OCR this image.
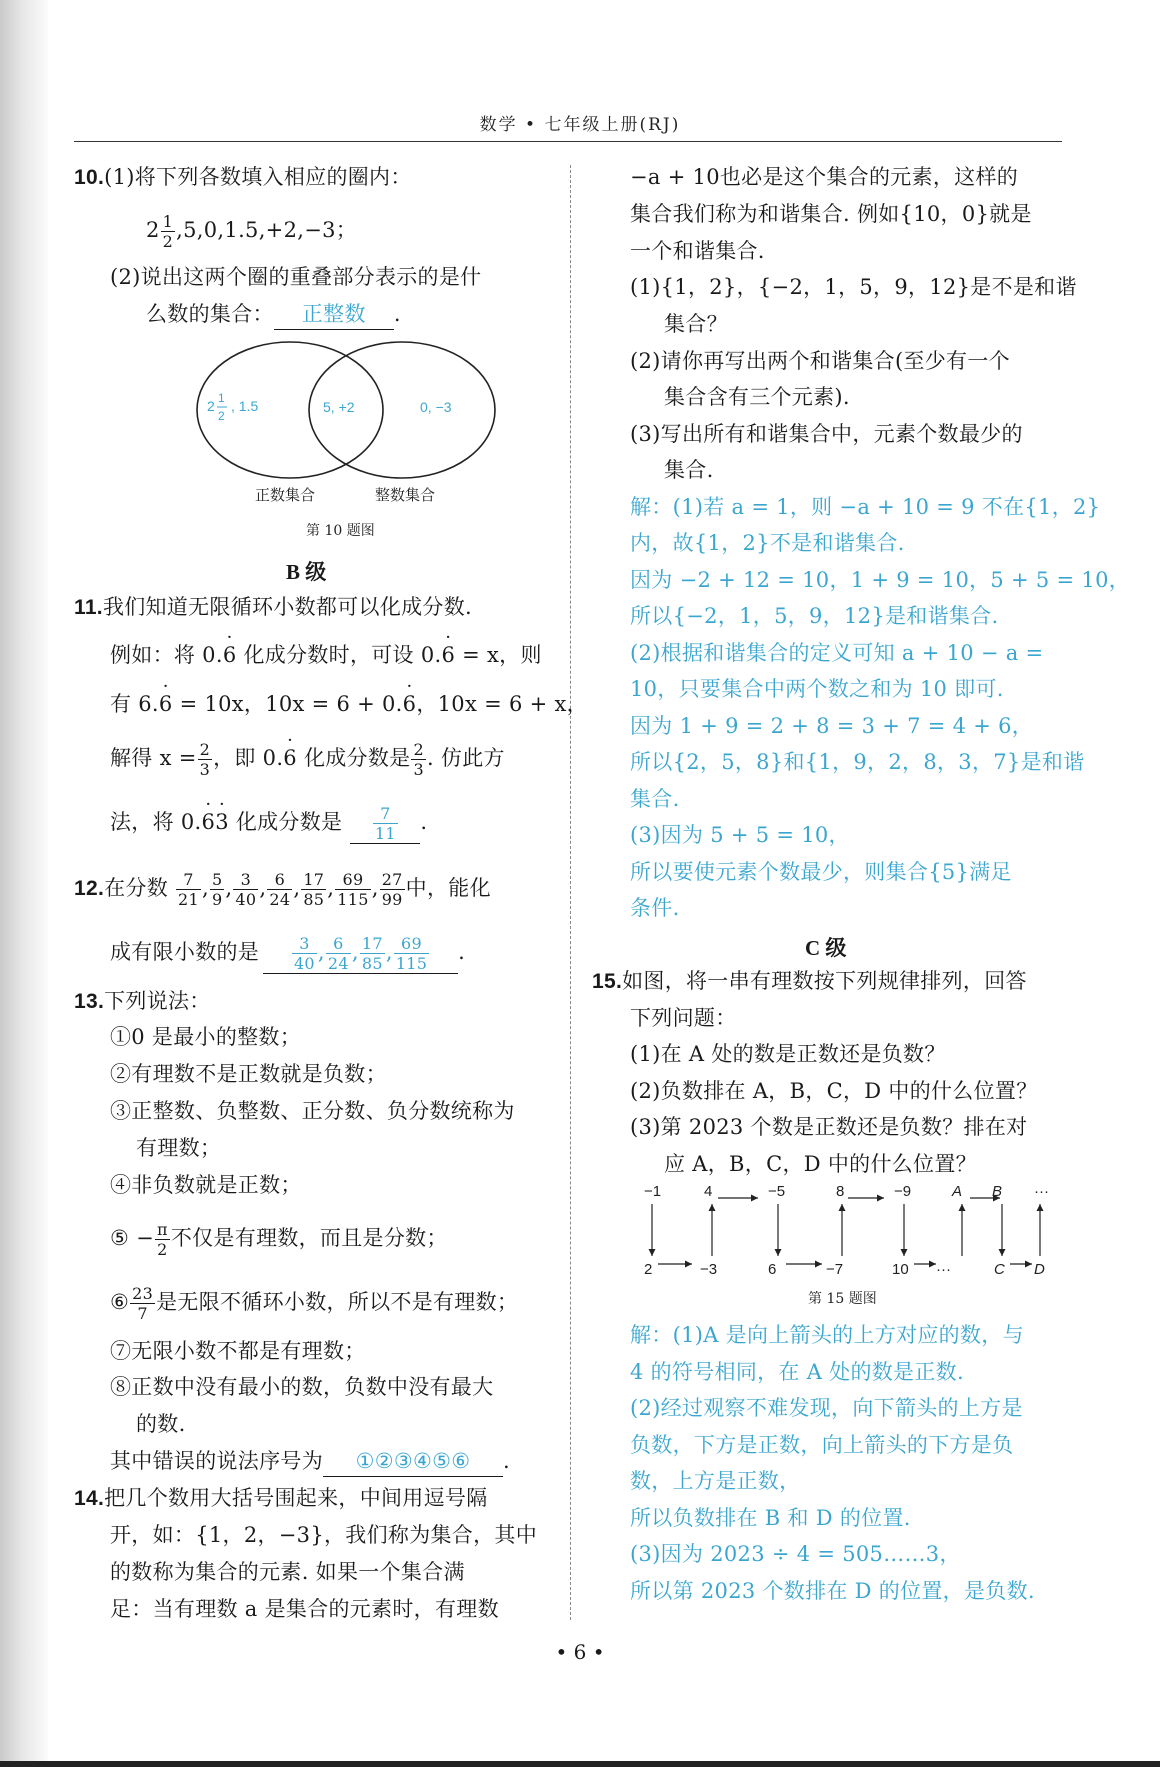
数学 • 七年级上册(RJ)
10.(1)将下列各数填入相应的圈内：
$2 \frac{1}{2} ,5,0,1.5,+2,-3$；
(2)说出这两个圈的重叠部分表示的是什
么数的集合： 正整数 .
2 1
2
, 1.5	5, +2	0, −3
正数集合	整数集合
第 10 题图
B 级
11.我们知道无限循环小数都可以化成分数.
例如：将 0.· 6 化成分数时，可设 0.· 6 = x，则
有 6.· 6 = 10x，10x = 6 + 0.· 6，10x = 6 + x，
解得 $x = \frac{2}{3}$ ，即 0.· 6 化成分数是 $\frac{2}{3}$ . 仿此方
法，将 0.· 6· 3 化成分数是 $\frac{7}{11}$ .
12.在分数 $\frac{7}{21}$ , $\frac{5}{9}$ , $\frac{3}{40}$ , $\frac{6}{24}$ , $\frac{17}{85}$ , $\frac{69}{115}$ , $\frac{27}{99}$ 中，能化
成有限小数的是 $\frac{3}{40}$ , $\frac{6}{24}$ , $\frac{17}{85}$ , $\frac{69}{115}$ .
13.下列说法：
①0 是最小的整数；
②有理数不是正数就是负数；
③正整数、负整数、正分数、负分数统称为
有理数；
④非负数就是正数；
⑤ − $\frac{\pi}{2}$ 不仅是有理数，而且是分数；
⑥ $\frac{23}{7}$ 是无限不循环小数，所以不是有理数；
⑦无限小数不都是有理数；
⑧正数中没有最小的数，负数中没有最大
的数.
其中错误的说法序号为 ①②③④⑤⑥ .
14.把几个数用大括号围起来，中间用逗号隔
开，如：{1，2，−3}，我们称为集合，其中
的数称为集合的元素. 如果一个集合满
足：当有理数 a 是集合的元素时，有理数
−a + 10也必是这个集合的元素，这样的
集合我们称为和谐集合. 例如{10，0}就是
一个和谐集合.
(1){1，2}，{−2，1，5，9，12}是不是和谐
集合？
(2)请你再写出两个和谐集合(至少有一个
集合含有三个元素).
(3)写出所有和谐集合中，元素个数最少的
集合.
解：(1)若 a = 1，则 −a + 10 = 9 不在{1，2}
内，故{1，2}不是和谐集合.
因为 −2 + 12 = 10，1 + 9 = 10，5 + 5 = 10，
所以{−2，1，5，9，12}是和谐集合.
(2)根据和谐集合的定义可知 a + 10 − a =
10，只要集合中两个数之和为 10 即可.
因为 1 + 9 = 2 + 8 = 3 + 7 = 4 + 6，
所以{2，5，8}和{1，9，2，8，3，7}是和谐
集合.
(3)因为 5 + 5 = 10，
所以要使元素个数最少，则集合{5}满足
条件.
C 级
15.如图，将一串有理数按下列规律排列，回答
下列问题：
(1)在 A 处的数是正数还是负数？
(2)负数排在 A，B，C，D 中的什么位置？
(3)第 2023 个数是正数还是负数？排在对
应 A，B，C，D 中的什么位置？
−1	4	−5	8	−9	A B ···
2	−3	6	−7	10 ···	C D
第 15 题图
解：(1)A 是向上箭头的上方对应的数，与
4 的符号相同，在 A 处的数是正数.
(2)经过观察不难发现，向下箭头的上方是
负数，下方是正数，向上箭头的下方是负
数，上方是正数，
所以负数排在 B 和 D 的位置.
(3)因为 2023 ÷ 4 = 505……3，
所以第 2023 个数排在 D 的位置，是负数.
• 6 •
